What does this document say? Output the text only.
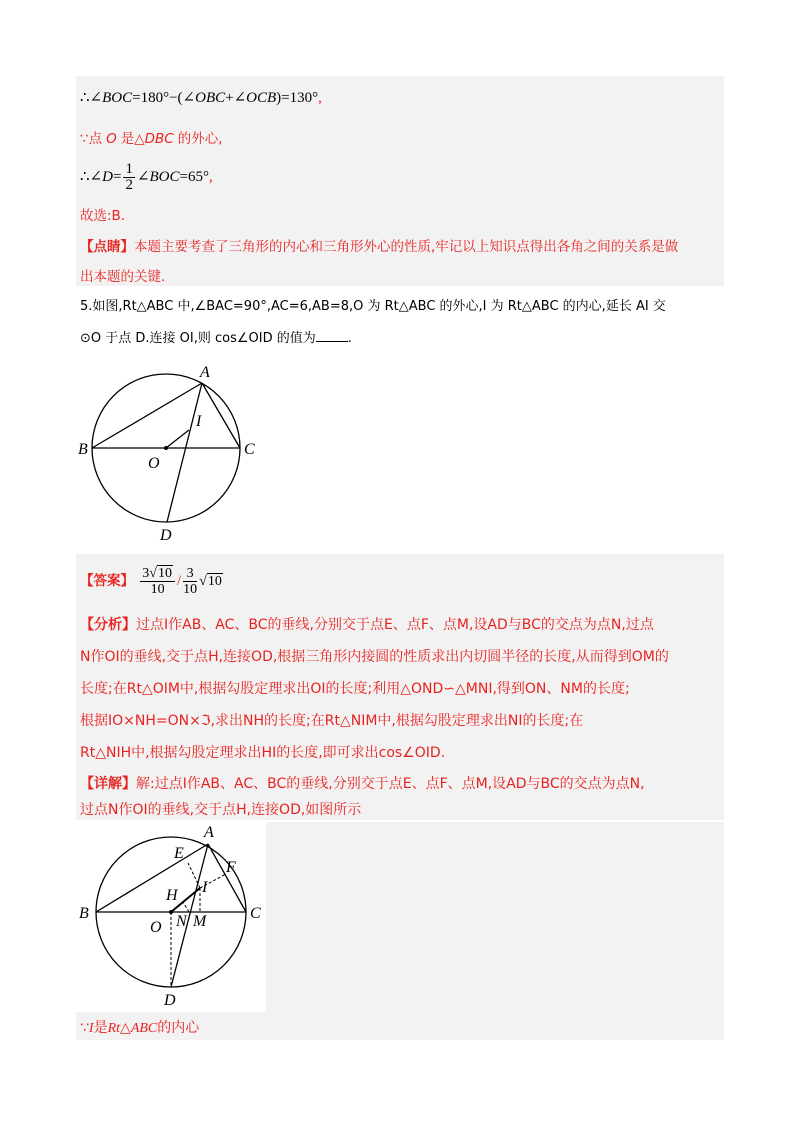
∴∠BOC=180°−(∠OBC+∠OCB)=130°,
∵点 O 是△DBC 的外心,
∴∠D= $\frac{1}{2}$ ∠BOC=65°,
故选:B.
【点睛】本题主要考查了三角形的内心和三角形外心的性质,牢记以上知识点得出各角之间的关系是做
出本题的关键.
5.如图,Rt△ABC 中,∠BAC=90°,AC=6,AB=8,O 为 Rt△ABC 的外心,I 为 Rt△ABC 的内心,延长 AI 交
⊙O 于点 D.连接 OI,则 cos∠OID 的值为 .
A
B	C
O
I
D
【答案】 $\frac{3√10}{10} / \frac{3}{10} √10$
【分析】过点I作AB、AC、BC的垂线,分别交于点E、点F、点M,设AD与BC的交点为点N,过点
N作OI的垂线,交于点H,连接OD,根据三角形内接圆的性质求出内切圆半径的长度,从而得到OM的
长度;在Rt△OIM中,根据勾股定理求出OI的长度;利用△OND∽△MNI,得到ON、NM的长度;
根据IO×NH=ON×ℑ,求出NH的长度;在Rt△NIM中,根据勾股定理求出NI的长度;在
Rt△NIH中,根据勾股定理求出HI的长度,即可求出cos∠OID.
【详解】解:过点I作AB、AC、BC的垂线,分别交于点E、点F、点M,设AD与BC的交点为点N,
过点N作OI的垂线,交于点H,连接OD,如图所示
A
B	C
O
I
D
E
F
H
N M
∵I是Rt△ABC的内心
